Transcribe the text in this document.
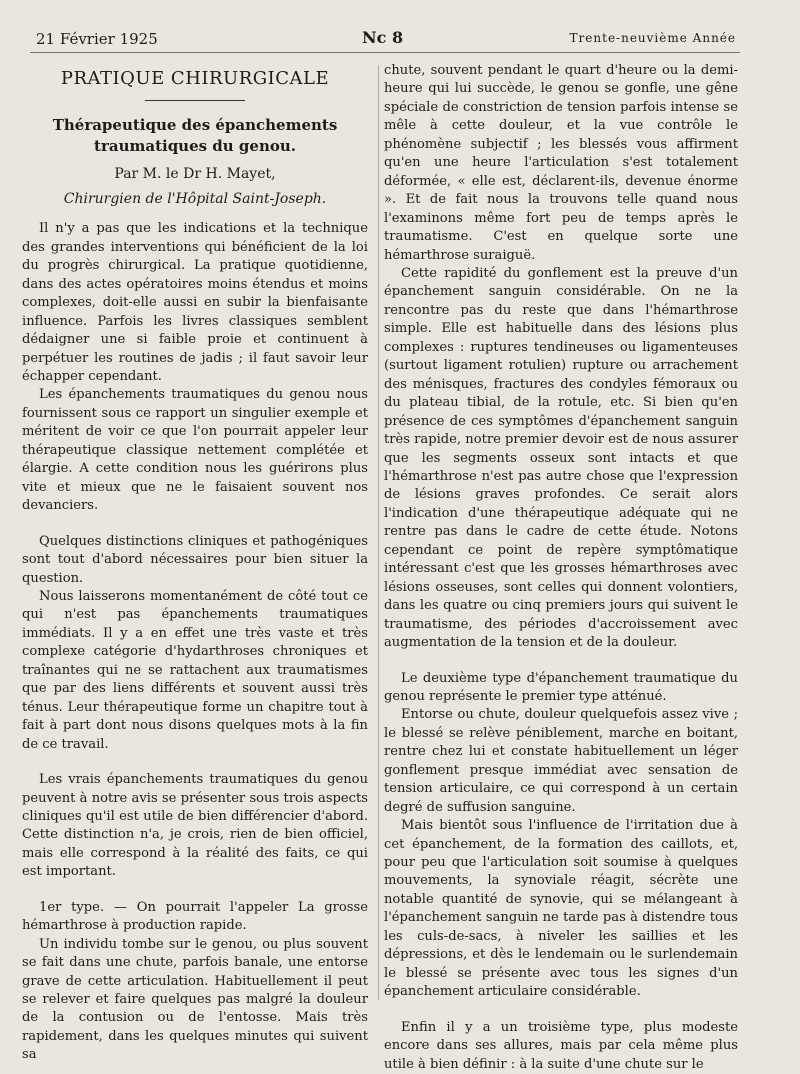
21 Février 1925	Nc 8	Trente-neuvième Année
PRATIQUE CHIRURGICALE
Thérapeutique des épanchements traumatiques du genou.
Par M. le Dr H. Mayet,
Chirurgien de l'Hôpital Saint-Joseph.

Il n'y a pas que les indications et la technique des grandes interventions qui bénéficient de la loi du progrès chirurgical. La pratique quotidienne, dans des actes opératoires moins étendus et moins complexes, doit-elle aussi en subir la bienfaisante influence. Parfois les livres classiques semblent dédaigner une si faible proie et continuent à perpétuer les routines de jadis ; il faut savoir leur échapper cependant.

Les épanchements traumatiques du genou nous fournissent sous ce rapport un singulier exemple et méritent de voir ce que l'on pourrait appeler leur thérapeutique classique nettement complétée et élargie. A cette condition nous les guérirons plus vite et mieux que ne le faisaient souvent nos devanciers.

Quelques distinctions cliniques et pathogéniques sont tout d'abord nécessaires pour bien situer la question.

Nous laisserons momentanément de côté tout ce qui n'est pas épanchements traumatiques immédiats. Il y a en effet une très vaste et très complexe catégorie d'hydarthroses chroniques et traînantes qui ne se rattachent aux traumatismes que par des liens différents et souvent aussi très ténus. Leur thérapeutique forme un chapitre tout à fait à part dont nous disons quelques mots à la fin de ce travail.

Les vrais épanchements traumatiques du genou peuvent à notre avis se présenter sous trois aspects cliniques qu'il est utile de bien différencier d'abord. Cette distinction n'a, je crois, rien de bien officiel, mais elle correspond à la réalité des faits, ce qui est important.

1er type. — On pourrait l'appeler La grosse hémarthrose à production rapide.

Un individu tombe sur le genou, ou plus souvent se fait dans une chute, parfois banale, une entorse grave de cette articulation. Habituellement il peut se relever et faire quelques pas malgré la douleur de la contusion ou de l'entosse. Mais très rapidement, dans les quelques minutes qui suivent sa

chute, souvent pendant le quart d'heure ou la demi-heure qui lui succède, le genou se gonfle, une gêne spéciale de constriction de tension parfois intense se mêle à cette douleur, et la vue contrôle le phénomène subjectif ; les blessés vous affirment qu'en une heure l'articulation s'est totalement déformée, « elle est, déclarent-ils, devenue énorme ». Et de fait nous la trouvons telle quand nous l'examinons même fort peu de temps après le traumatisme. C'est en quelque sorte une hémarthrose suraiguë.

Cette rapidité du gonflement est la preuve d'un épanchement sanguin considérable. On ne la rencontre pas du reste que dans l'hémarthrose simple. Elle est habituelle dans des lésions plus complexes : ruptures tendineuses ou ligamenteuses (surtout ligament rotulien) rupture ou arrachement des ménisques, fractures des condyles fémoraux ou du plateau tibial, de la rotule, etc. Si bien qu'en présence de ces symptômes d'épanchement sanguin très rapide, notre premier devoir est de nous assurer que les segments osseux sont intacts et que l'hémarthrose n'est pas autre chose que l'expression de lésions graves profondes. Ce serait alors l'indication d'une thérapeutique adéquate qui ne rentre pas dans le cadre de cette étude. Notons cependant ce point de repère symptômatique intéressant c'est que les grosses hémarthroses avec lésions osseuses, sont celles qui donnent volontiers, dans les quatre ou cinq premiers jours qui suivent le traumatisme, des périodes d'accroissement avec augmentation de la tension et de la douleur.

Le deuxième type d'épanchement traumatique du genou représente le premier type atténué.

Entorse ou chute, douleur quelquefois assez vive ; le blessé se relève péniblement, marche en boitant, rentre chez lui et constate habituellement un léger gonflement presque immédiat avec sensation de tension articulaire, ce qui correspond à un certain degré de suffusion sanguine.

Mais bientôt sous l'influence de l'irritation due à cet épanchement, de la formation des caillots, et, pour peu que l'articulation soit soumise à quelques mouvements, la synoviale réagit, sécrète une notable quantité de synovie, qui se mélangeant à l'épanchement sanguin ne tarde pas à distendre tous les culs-de-sacs, à niveler les saillies et les dépressions, et dès le lendemain ou le surlendemain le blessé se présente avec tous les signes d'un épanchement articulaire considérable.

Enfin il y a un troisième type, plus modeste encore dans ses allures, mais par cela même plus utile à bien définir : à la suite d'une chute sur le
